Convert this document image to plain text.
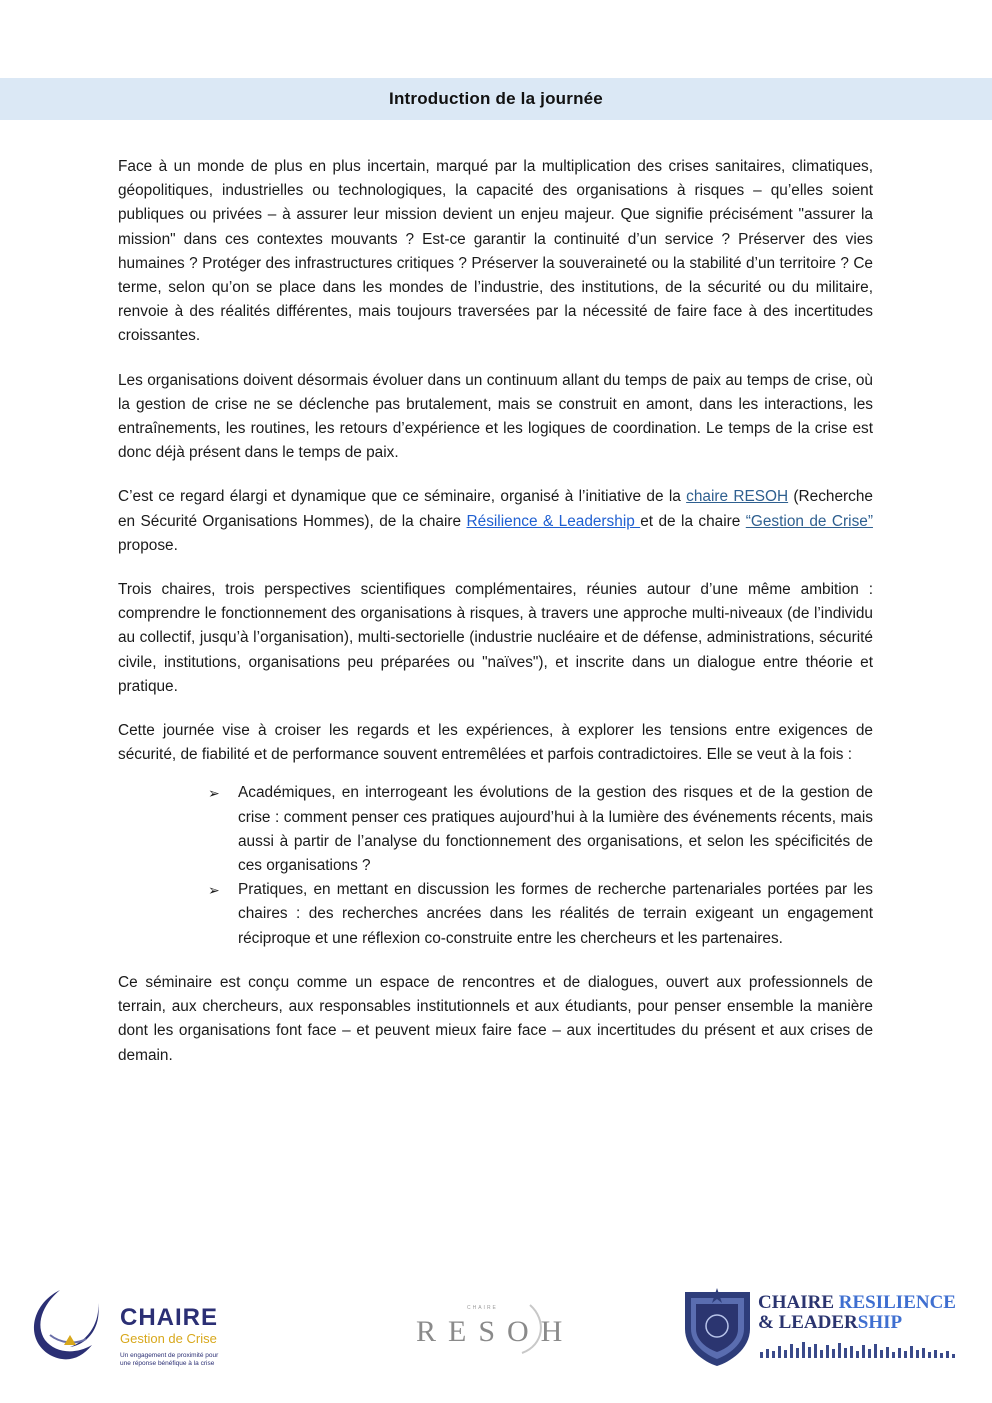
Introduction de la journée

Face à un monde de plus en plus incertain, marqué par la multiplication des crises sanitaires, climatiques, géopolitiques, industrielles ou technologiques, la capacité des organisations à risques – qu’elles soient publiques ou privées – à assurer leur mission devient un enjeu majeur. Que signifie précisément "assurer la mission" dans ces contextes mouvants ? Est-ce garantir la continuité d’un service ? Préserver des vies humaines ? Protéger des infrastructures critiques ? Préserver la souveraineté ou la stabilité d’un territoire ? Ce terme, selon qu’on se place dans les mondes de l’industrie, des institutions, de la sécurité ou du militaire, renvoie à des réalités différentes, mais toujours traversées par la nécessité de faire face à des incertitudes croissantes.

Les organisations doivent désormais évoluer dans un continuum allant du temps de paix au temps de crise, où la gestion de crise ne se déclenche pas brutalement, mais se construit en amont, dans les interactions, les entraînements, les routines, les retours d’expérience et les logiques de coordination. Le temps de la crise est donc déjà présent dans le temps de paix.

C’est ce regard élargi et dynamique que ce séminaire, organisé à l’initiative de la chaire RESOH (Recherche en Sécurité Organisations Hommes), de la chaire Résilience & Leadership et de la chaire “Gestion de Crise” propose.

Trois chaires, trois perspectives scientifiques complémentaires, réunies autour d’une même ambition : comprendre le fonctionnement des organisations à risques, à travers une approche multi-niveaux (de l’individu au collectif, jusqu’à l’organisation), multi-sectorielle (industrie nucléaire et de défense, administrations, sécurité civile, institutions, organisations peu préparées ou "naïves"), et inscrite dans un dialogue entre théorie et pratique.

Cette journée vise à croiser les regards et les expériences, à explorer les tensions entre exigences de sécurité, de fiabilité et de performance souvent entremêlées et parfois contradictoires. Elle se veut à la fois :

➢ Académiques, en interrogeant les évolutions de la gestion des risques et de la gestion de crise : comment penser ces pratiques aujourd’hui à la lumière des événements récents, mais aussi à partir de l’analyse du fonctionnement des organisations, et selon les spécificités de ces organisations ?
➢ Pratiques, en mettant en discussion les formes de recherche partenariales portées par les chaires : des recherches ancrées dans les réalités de terrain exigeant un engagement réciproque et une réflexion co-construite entre les chercheurs et les partenaires.

Ce séminaire est conçu comme un espace de rencontres et de dialogues, ouvert aux professionnels de terrain, aux chercheurs, aux responsables institutionnels et aux étudiants, pour penser ensemble la manière dont les organisations font face – et peuvent mieux faire face – aux incertitudes du présent et aux crises de demain.

CHAIRE
Gestion de Crise
Un engagement de proximité pour
une réponse bénéfique à la crise
CHAIRE
RESOH
CHAIRE RESILIENCE
& LEADERSHIP
